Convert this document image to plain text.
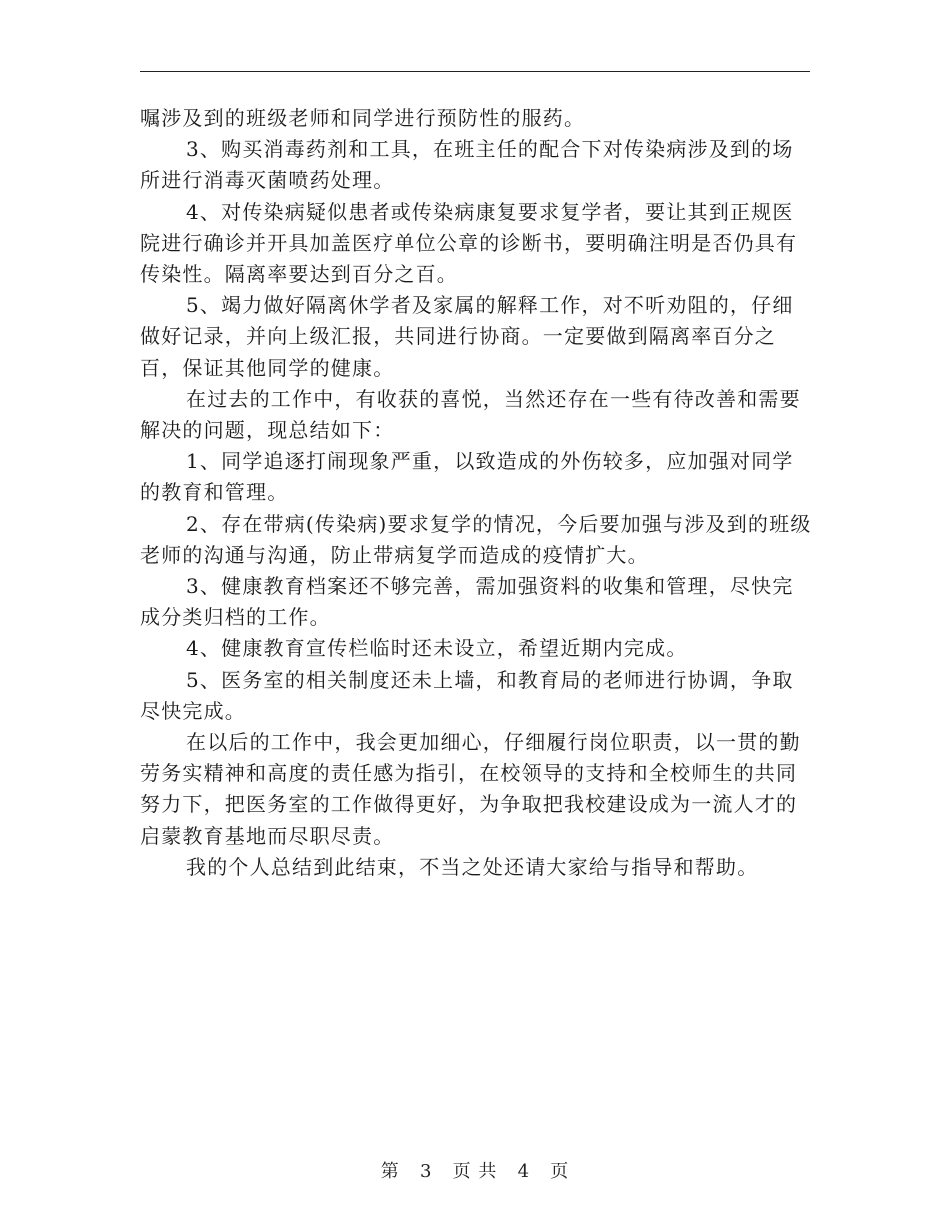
嘱涉及到的班级老师和同学进行预防性的服药。

3、购买消毒药剂和工具，在班主任的配合下对传染病涉及到的场所进行消毒灭菌喷药处理。

4、对传染病疑似患者或传染病康复要求复学者，要让其到正规医院进行确诊并开具加盖医疗单位公章的诊断书，要明确注明是否仍具有传染性。隔离率要达到百分之百。

5、竭力做好隔离休学者及家属的解释工作，对不听劝阻的，仔细做好记录，并向上级汇报，共同进行协商。一定要做到隔离率百分之百，保证其他同学的健康。

在过去的工作中，有收获的喜悦，当然还存在一些有待改善和需要解决的问题，现总结如下：

1、同学追逐打闹现象严重，以致造成的外伤较多，应加强对同学的教育和管理。

2、存在带病(传染病)要求复学的情况，今后要加强与涉及到的班级老师的沟通与沟通，防止带病复学而造成的疫情扩大。

3、健康教育档案还不够完善，需加强资料的收集和管理，尽快完成分类归档的工作。

4、健康教育宣传栏临时还未设立，希望近期内完成。

5、医务室的相关制度还未上墙，和教育局的老师进行协调，争取尽快完成。

在以后的工作中，我会更加细心，仔细履行岗位职责，以一贯的勤劳务实精神和高度的责任感为指引，在校领导的支持和全校师生的共同努力下，把医务室的工作做得更好，为争取把我校建设成为一流人才的启蒙教育基地而尽职尽责。

我的个人总结到此结束，不当之处还请大家给与指导和帮助。

第 3 页 共 4 页
